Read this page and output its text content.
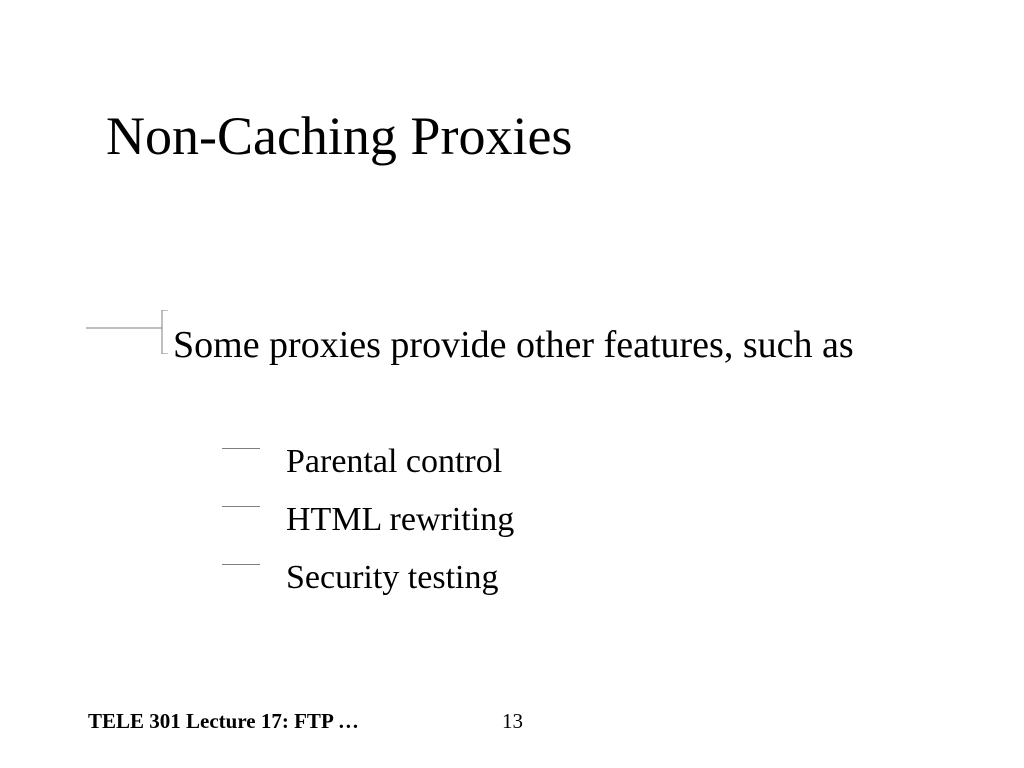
Non-Caching Proxies
Some proxies provide other features, such as
Parental control
HTML rewriting
Security testing
TELE 301 Lecture 17: FTP …	13
